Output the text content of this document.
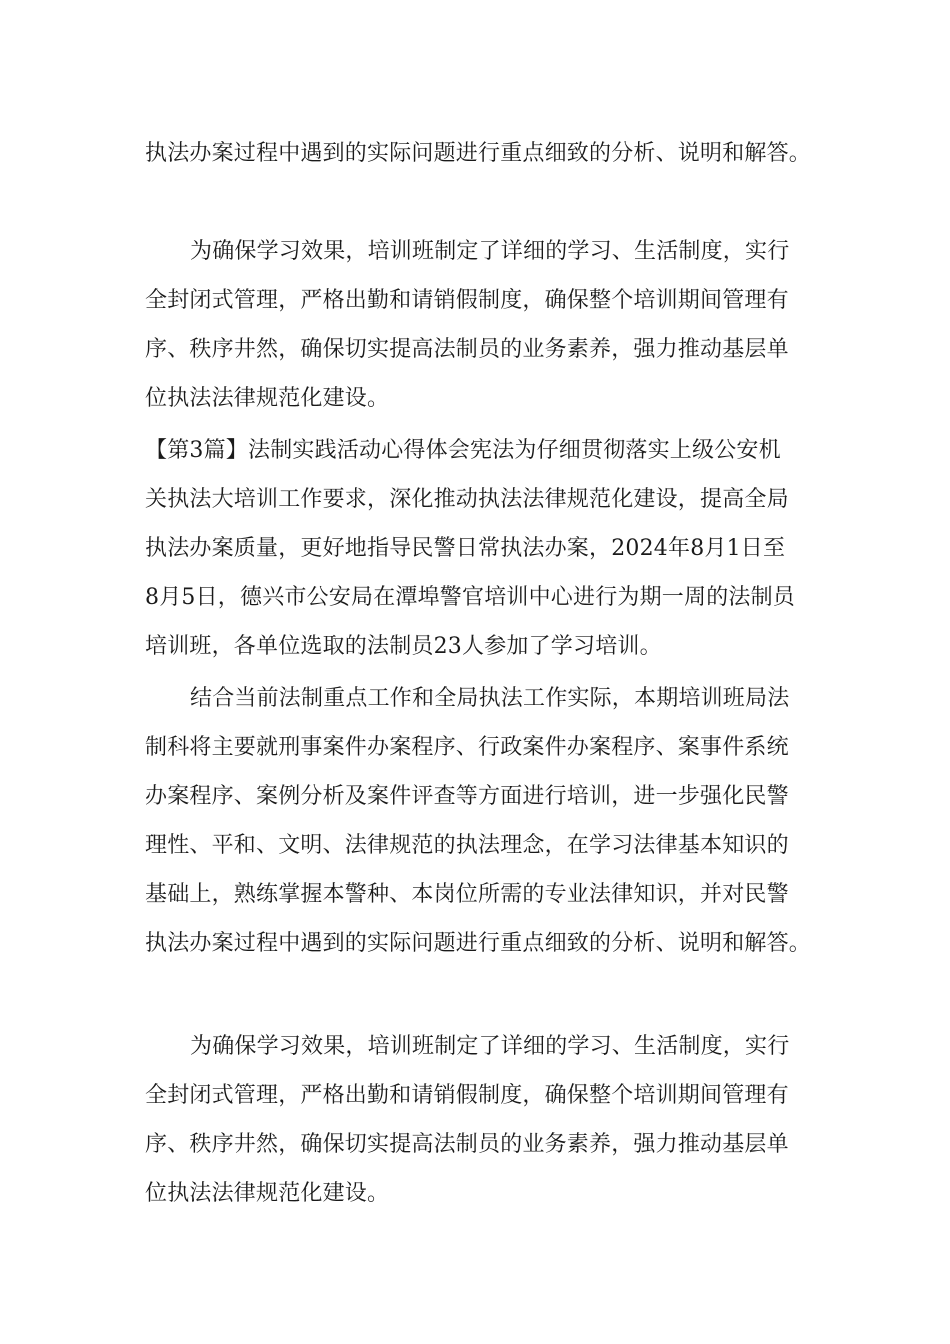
执法办案过程中遇到的实际问题进行重点细致的分析、说明和解答。
为确保学习效果，培训班制定了详细的学习、生活制度，实行
全封闭式管理，严格出勤和请销假制度，确保整个培训期间管理有
序、秩序井然，确保切实提高法制员的业务素养，强力推动基层单
位执法法律规范化建设。
【第3篇】法制实践活动心得体会宪法为仔细贯彻落实上级公安机
关执法大培训工作要求，深化推动执法法律规范化建设，提高全局
执法办案质量，更好地指导民警日常执法办案，2024年8月1日至
8月5日，德兴市公安局在潭埠警官培训中心进行为期一周的法制员
培训班，各单位选取的法制员23人参加了学习培训。
结合当前法制重点工作和全局执法工作实际，本期培训班局法
制科将主要就刑事案件办案程序、行政案件办案程序、案事件系统
办案程序、案例分析及案件评查等方面进行培训，进一步强化民警
理性、平和、文明、法律规范的执法理念，在学习法律基本知识的
基础上，熟练掌握本警种、本岗位所需的专业法律知识，并对民警
执法办案过程中遇到的实际问题进行重点细致的分析、说明和解答。
为确保学习效果，培训班制定了详细的学习、生活制度，实行
全封闭式管理，严格出勤和请销假制度，确保整个培训期间管理有
序、秩序井然，确保切实提高法制员的业务素养，强力推动基层单
位执法法律规范化建设。
